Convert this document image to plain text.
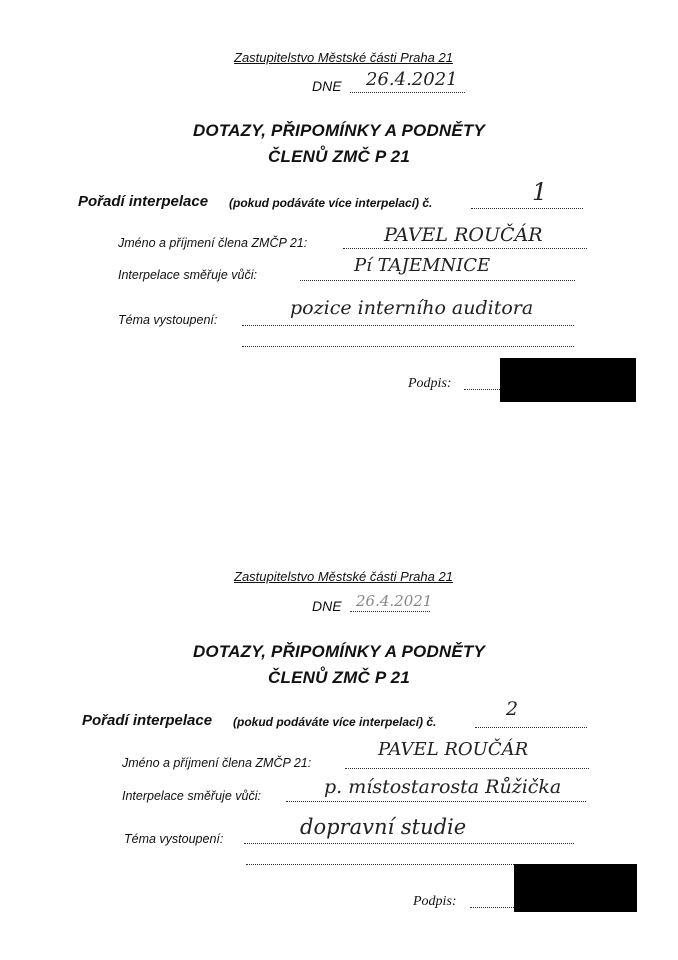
Zastupitelstvo Městské části Praha 21
DNE 26.4.2021
DOTAZY, PŘIPOMÍNKY A PODNĚTY
ČLENŮ ZMČ P 21
Pořadí interpelace (pokud podáváte více interpelací) č.	1
Jméno a příjmení člena ZMČP 21:	PAVEL ROUČÁR
Interpelace směřuje vůči:	Pí TAJEMNICE
Téma vystoupení:
pozice interního auditora
Podpis:
Zastupitelstvo Městské části Praha 21
DNE 26.4.2021
DOTAZY, PŘIPOMÍNKY A PODNĚTY
ČLENŮ ZMČ P 21
Pořadí interpelace (pokud podáváte více interpelací) č.
2
Jméno a příjmení člena ZMČP 21:
PAVEL ROUČÁR
Interpelace směřuje vůči:	p. místostarosta Růžička
Téma vystoupení:	dopravní studie
Podpis:
